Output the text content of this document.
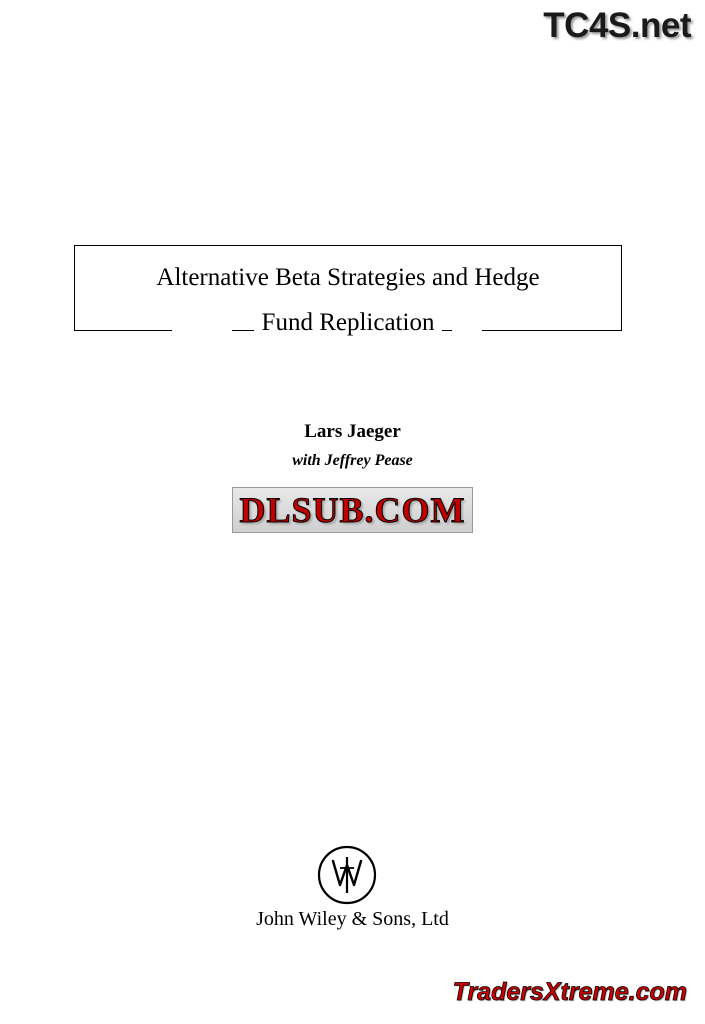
TC4S.net
Alternative Beta Strategies and Hedge
Fund Replication
Lars Jaeger
with Jeffrey Pease
DLSUB.COM
John Wiley & Sons, Ltd
TradersXtreme.com
